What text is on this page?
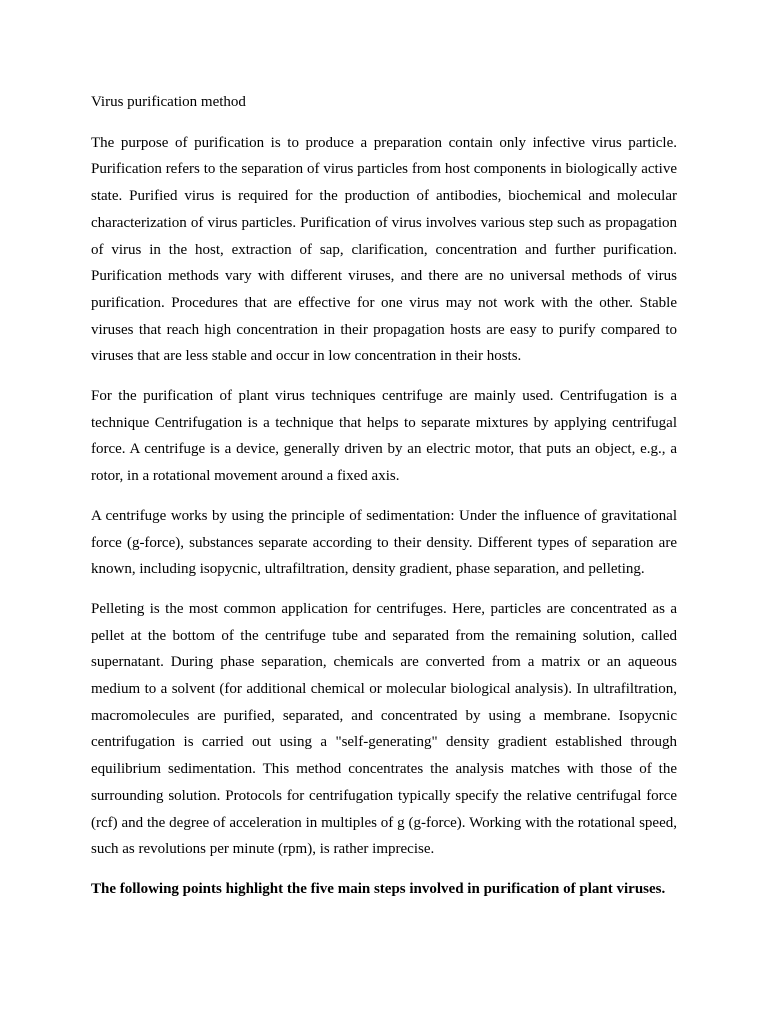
Virus purification method

The purpose of purification is to produce a preparation contain only infective virus particle. Purification refers to the separation of virus particles from host components in biologically active state. Purified virus is required for the production of antibodies, biochemical and molecular characterization of virus particles. Purification of virus involves various step such as propagation of virus in the host, extraction of sap, clarification, concentration and further purification. Purification methods vary with different viruses, and there are no universal methods of virus purification. Procedures that are effective for one virus may not work with the other. Stable viruses that reach high concentration in their propagation hosts are easy to purify compared to viruses that are less stable and occur in low concentration in their hosts.

For the purification of plant virus techniques centrifuge are mainly used. Centrifugation is a technique Centrifugation is a technique that helps to separate mixtures by applying centrifugal force. A centrifuge is a device, generally driven by an electric motor, that puts an object, e.g., a rotor, in a rotational movement around a fixed axis.

A centrifuge works by using the principle of sedimentation: Under the influence of gravitational force (g-force), substances separate according to their density. Different types of separation are known, including isopycnic, ultrafiltration, density gradient, phase separation, and pelleting.

Pelleting is the most common application for centrifuges. Here, particles are concentrated as a pellet at the bottom of the centrifuge tube and separated from the remaining solution, called supernatant. During phase separation, chemicals are converted from a matrix or an aqueous medium to a solvent (for additional chemical or molecular biological analysis). In ultrafiltration, macromolecules are purified, separated, and concentrated by using a membrane. Isopycnic centrifugation is carried out using a "self-generating" density gradient established through equilibrium sedimentation. This method concentrates the analysis matches with those of the surrounding solution. Protocols for centrifugation typically specify the relative centrifugal force (rcf) and the degree of acceleration in multiples of g (g-force). Working with the rotational speed, such as revolutions per minute (rpm), is rather imprecise.

The following points highlight the five main steps involved in purification of plant viruses.
